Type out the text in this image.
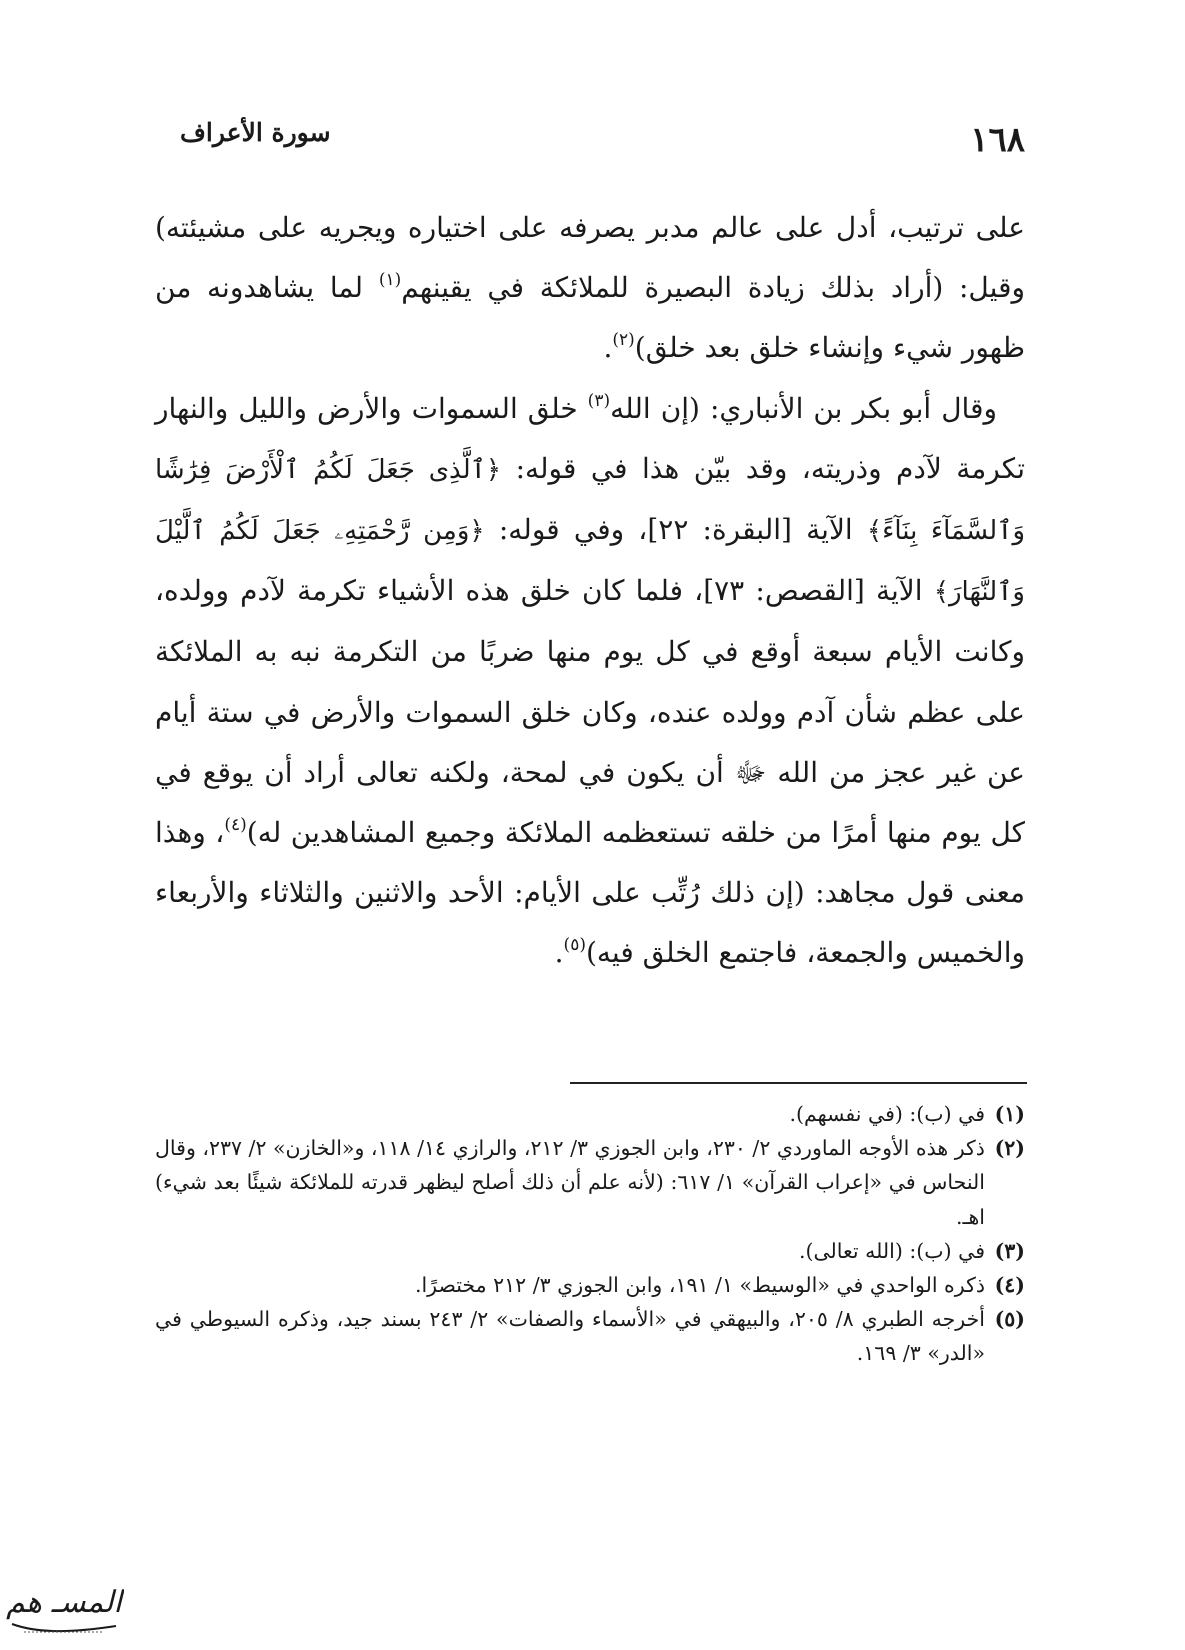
١٦٨
سورة الأعراف

على ترتيب، أدل على عالم مدبر يصرفه على اختياره ويجريه على مشيئته) وقيل: (أراد بذلك زيادة البصيرة للملائكة في يقينهم$^{(١)}$ لما يشاهدونه من ظهور شيء وإنشاء خلق بعد خلق)$^{(٢)}$.

وقال أبو بكر بن الأنباري: (إن الله$^{(٣)}$ خلق السموات والأرض والليل والنهار تكرمة لآدم وذريته، وقد بيّن هذا في قوله: ﴿ٱلَّذِى جَعَلَ لَكُمُ ٱلْأَرْضَ فِرَٰشًا وَٱلسَّمَآءَ بِنَآءً﴾ الآية [البقرة: ٢٢]، وفي قوله: ﴿وَمِن رَّحْمَتِهِۦ جَعَلَ لَكُمُ ٱلَّيْلَ وَٱلنَّهَارَ﴾ الآية [القصص: ٧٣]، فلما كان خلق هذه الأشياء تكرمة لآدم وولده، وكانت الأيام سبعة أوقع في كل يوم منها ضربًا من التكرمة نبه به الملائكة على عظم شأن آدم وولده عنده، وكان خلق السموات والأرض في ستة أيام عن غير عجز من الله ﷻ أن يكون في لمحة، ولكنه تعالى أراد أن يوقع في كل يوم منها أمرًا من خلقه تستعظمه الملائكة وجميع المشاهدين له)$^{(٤)}$، وهذا معنى قول مجاهد: (إن ذلك رُتِّب على الأيام: الأحد والاثنين والثلاثاء والأربعاء والخميس والجمعة، فاجتمع الخلق فيه)$^{(٥)}$.

(١)
في (ب): (في نفسهم).
(٢)
ذكر هذه الأوجه الماوردي ٢/ ٢٣٠، وابن الجوزي ٣/ ٢١٢، والرازي ١٤/ ١١٨، و«الخازن» ٢/ ٢٣٧، وقال النحاس في «إعراب القرآن» ١/ ٦١٧: (لأنه علم أن ذلك أصلح ليظهر قدرته للملائكة شيئًا بعد شيء) اهـ.
(٣)
في (ب): (الله تعالى).
(٤)
ذكره الواحدي في «الوسيط» ١/ ١٩١، وابن الجوزي ٣/ ٢١٢ مختصرًا.
(٥)
أخرجه الطبري ٨/ ٢٠٥، والبيهقي في «الأسماء والصفات» ٢/ ٢٤٣ بسند جيد، وذكره السيوطي في «الدر» ٣/ ١٦٩.
المسـ هم
